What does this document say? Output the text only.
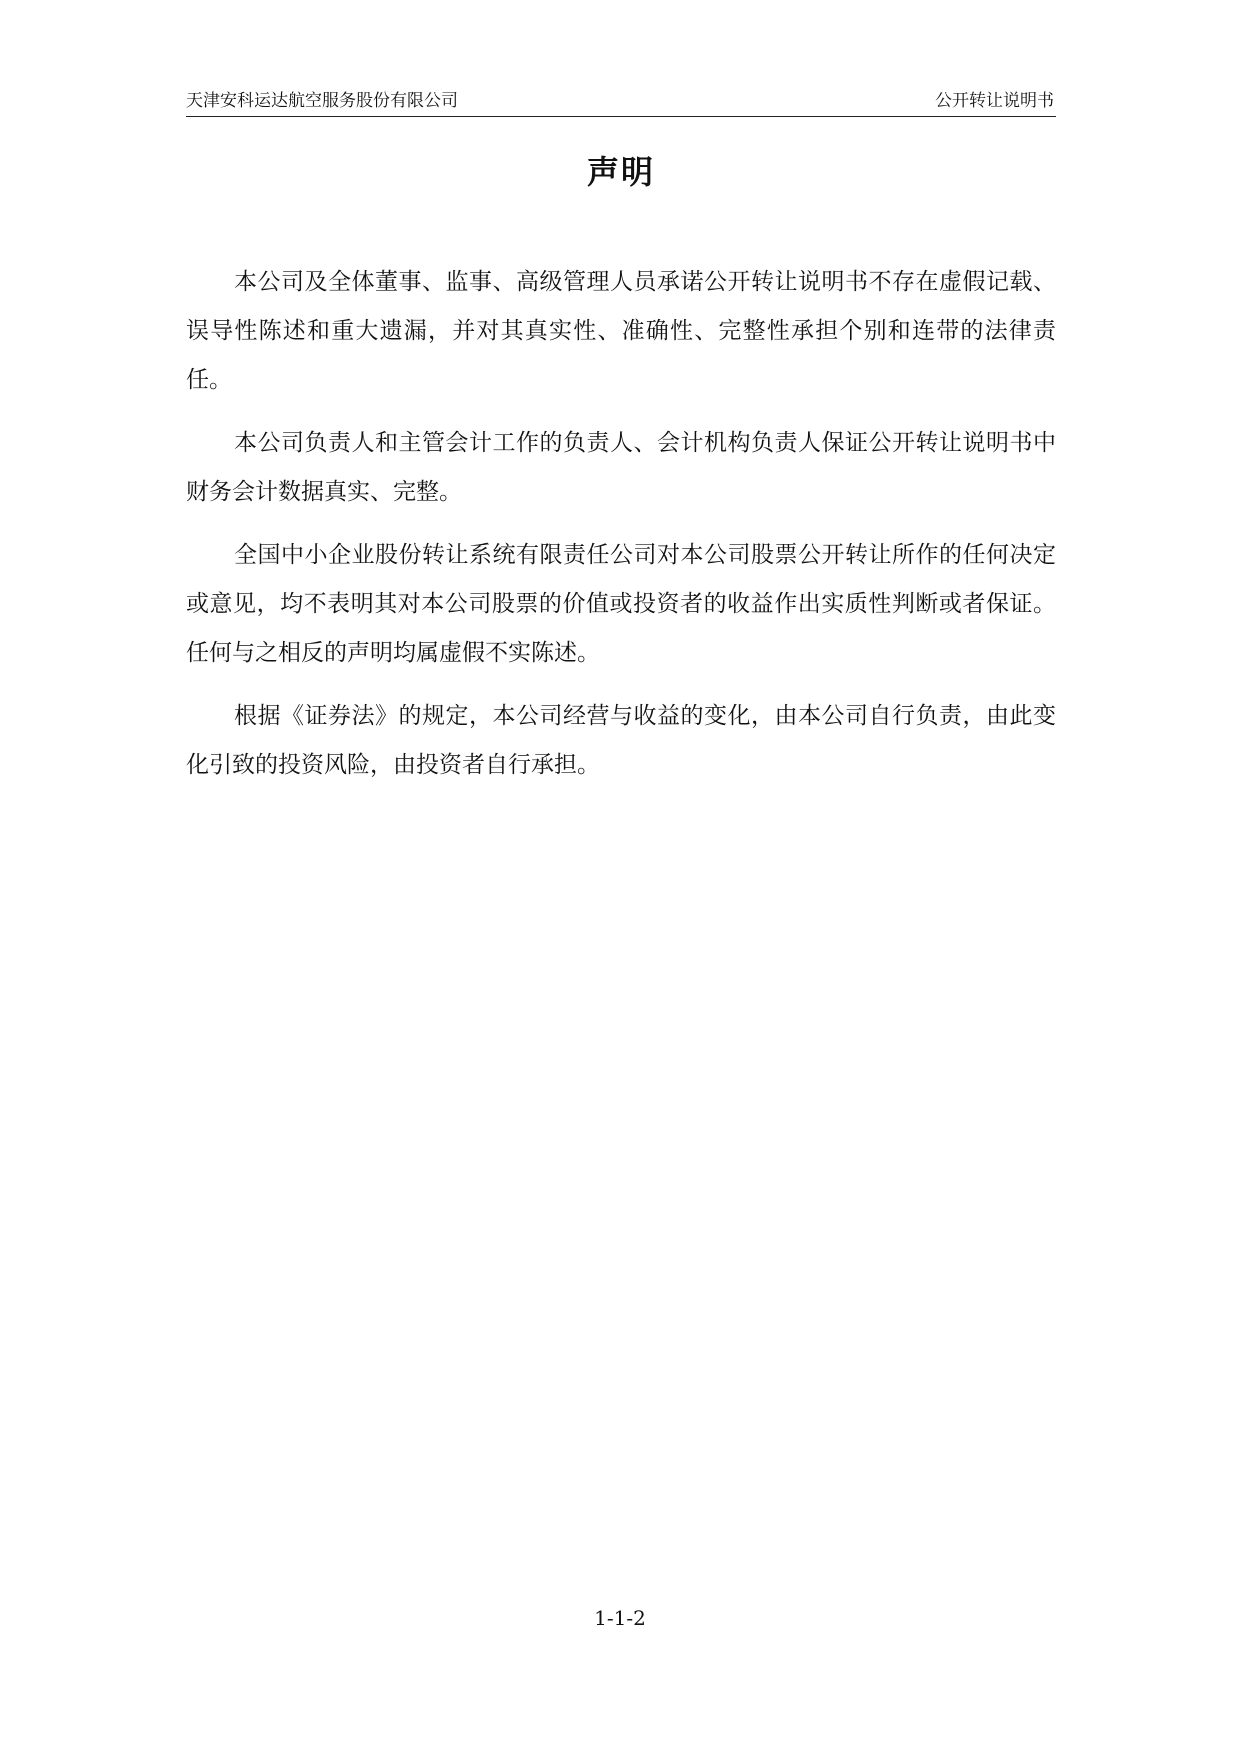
天津安科运达航空服务股份有限公司	公开转让说明书
声明

本公司及全体董事、监事、高级管理人员承诺公开转让说明书不存在虚假记载、误导性陈述和重大遗漏，并对其真实性、准确性、完整性承担个别和连带的法律责任。

本公司负责人和主管会计工作的负责人、会计机构负责人保证公开转让说明书中财务会计数据真实、完整。

全国中小企业股份转让系统有限责任公司对本公司股票公开转让所作的任何决定或意见，均不表明其对本公司股票的价值或投资者的收益作出实质性判断或者保证。任何与之相反的声明均属虚假不实陈述。

根据《证券法》的规定，本公司经营与收益的变化，由本公司自行负责，由此变化引致的投资风险，由投资者自行承担。

1-1-2
